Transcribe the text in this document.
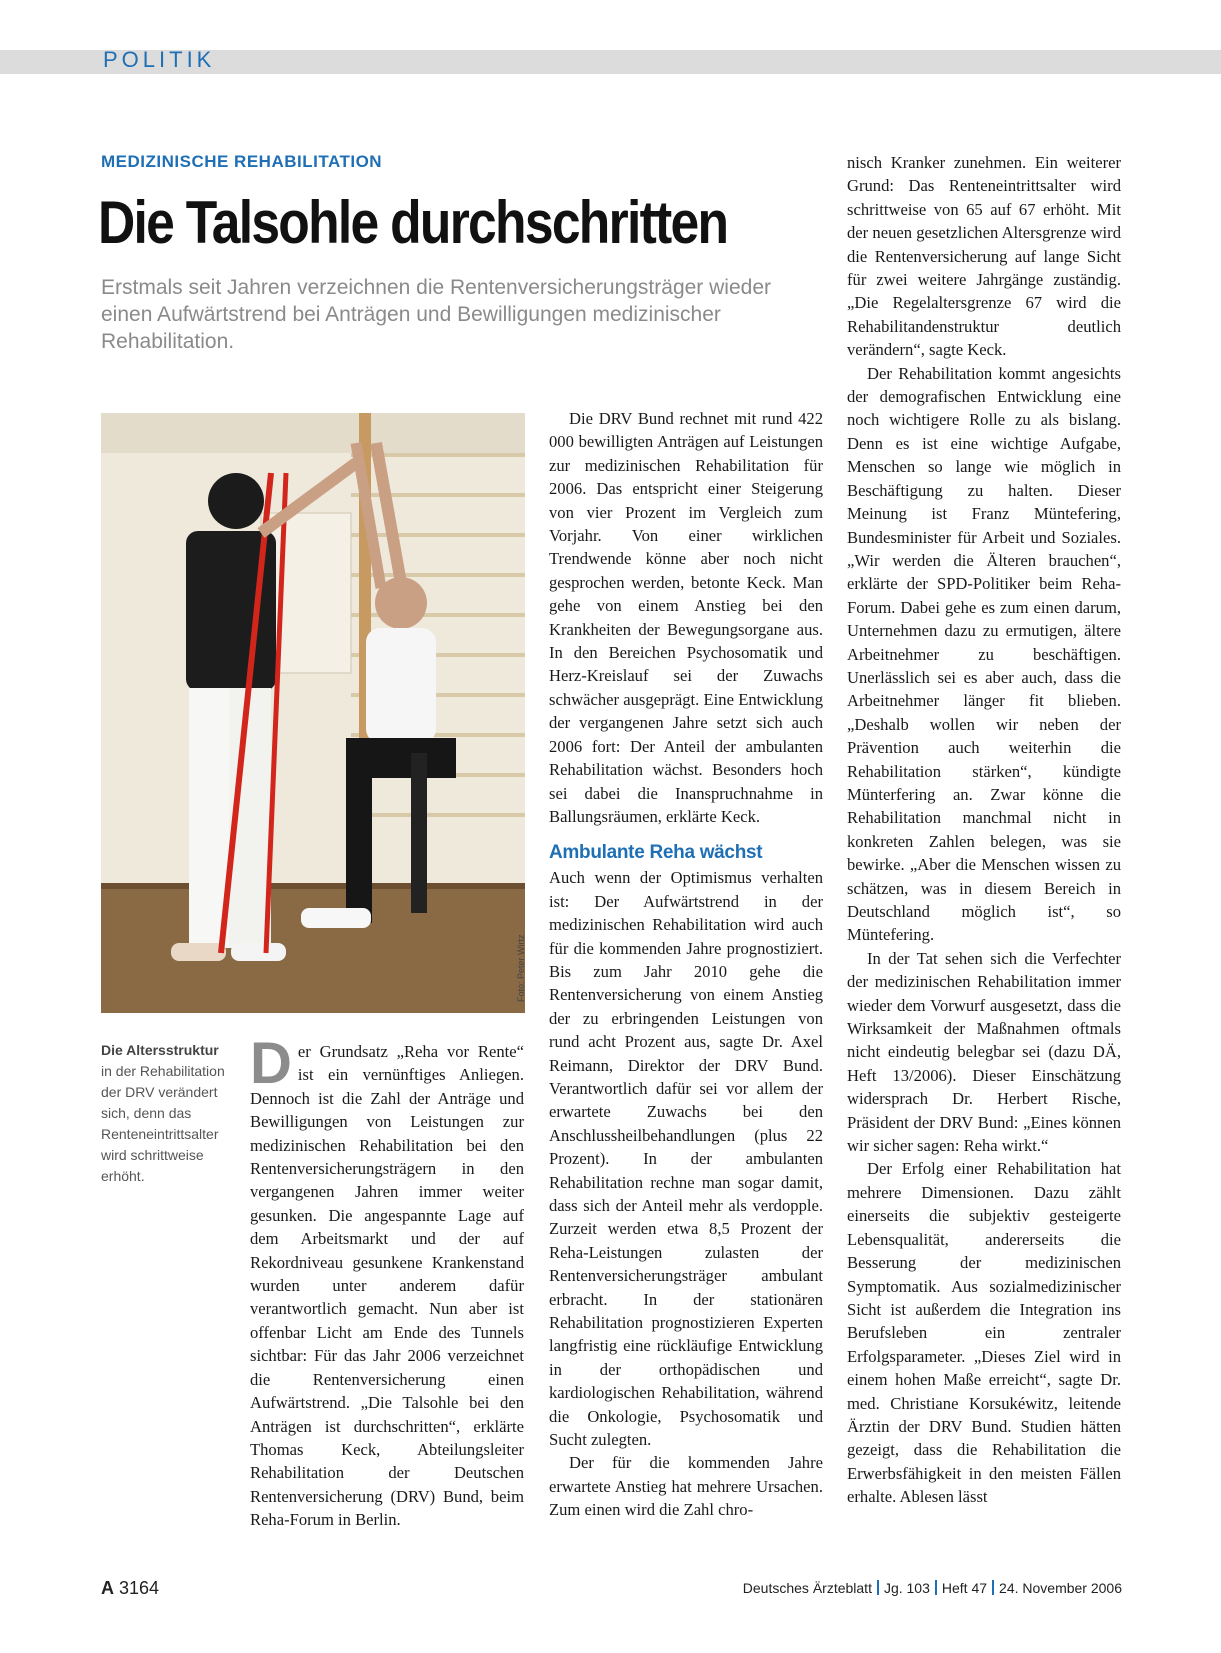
POLITIK
MEDIZINISCHE REHABILITATION
Die Talsohle durchschritten
Erstmals seit Jahren verzeichnen die Rentenversicherungsträger wieder einen Aufwärtstrend bei Anträgen und Bewilligungen medizinischer Rehabilitation.
Foto: Peter Wirtz
Die Altersstruktur in der Rehabilitation der DRV verändert sich, denn das Renteneintrittsalter wird schrittweise erhöht.

Der Grundsatz „Reha vor Rente“ ist ein vernünftiges Anliegen. Dennoch ist die Zahl der Anträge und Bewilligungen von Leistungen zur medizinischen Rehabilitation bei den Rentenversicherungsträgern in den vergangenen Jahren immer weiter gesunken. Die angespannte Lage auf dem Arbeitsmarkt und der auf Rekordniveau gesunkene Krankenstand wurden unter anderem dafür verantwortlich gemacht. Nun aber ist offenbar Licht am Ende des Tunnels sichtbar: Für das Jahr 2006 verzeichnet die Rentenversicherung einen Aufwärtstrend. „Die Talsohle bei den Anträgen ist durchschritten“, erklärte Thomas Keck, Abteilungsleiter Rehabilitation der Deutschen Rentenversicherung (DRV) Bund, beim Reha-Forum in Berlin.

Die DRV Bund rechnet mit rund 422 000 bewilligten Anträgen auf Leistungen zur medizinischen Rehabilitation für 2006. Das entspricht einer Steigerung von vier Prozent im Vergleich zum Vorjahr. Von einer wirklichen Trendwende könne aber noch nicht gesprochen werden, betonte Keck. Man gehe von einem Anstieg bei den Krankheiten der Bewegungsorgane aus. In den Bereichen Psychosomatik und Herz-Kreislauf sei der Zuwachs schwächer ausgeprägt. Eine Entwicklung der vergangenen Jahre setzt sich auch 2006 fort: Der Anteil der ambulanten Rehabilitation wächst. Besonders hoch sei dabei die Inanspruchnahme in Ballungsräumen, erklärte Keck.

Ambulante Reha wächst

Auch wenn der Optimismus verhalten ist: Der Aufwärtstrend in der medizinischen Rehabilitation wird auch für die kommenden Jahre prognostiziert. Bis zum Jahr 2010 gehe die Rentenversicherung von einem Anstieg der zu erbringenden Leistungen von rund acht Prozent aus, sagte Dr. Axel Reimann, Direktor der DRV Bund. Verantwortlich dafür sei vor allem der erwartete Zuwachs bei den Anschlussheilbehandlungen (plus 22 Prozent). In der ambulanten Rehabilitation rechne man sogar damit, dass sich der Anteil mehr als verdopple. Zurzeit werden etwa 8,5 Prozent der Reha-Leistungen zulasten der Rentenversicherungsträger ambulant erbracht. In der stationären Rehabilitation prognostizieren Experten langfristig eine rückläufige Entwicklung in der orthopädischen und kardiologischen Rehabilitation, während die Onkologie, Psychosomatik und Sucht zulegten.

Der für die kommenden Jahre erwartete Anstieg hat mehrere Ursachen. Zum einen wird die Zahl chro-

nisch Kranker zunehmen. Ein weiterer Grund: Das Renteneintrittsalter wird schrittweise von 65 auf 67 erhöht. Mit der neuen gesetzlichen Altersgrenze wird die Rentenversicherung auf lange Sicht für zwei weitere Jahrgänge zuständig. „Die Regelaltersgrenze 67 wird die Rehabilitandenstruktur deutlich verändern“, sagte Keck.

Der Rehabilitation kommt angesichts der demografischen Entwicklung eine noch wichtigere Rolle zu als bislang. Denn es ist eine wichtige Aufgabe, Menschen so lange wie möglich in Beschäftigung zu halten. Dieser Meinung ist Franz Müntefering, Bundesminister für Arbeit und Soziales. „Wir werden die Älteren brauchen“, erklärte der SPD-Politiker beim Reha-Forum. Dabei gehe es zum einen darum, Unternehmen dazu zu ermutigen, ältere Arbeitnehmer zu beschäftigen. Unerlässlich sei es aber auch, dass die Arbeitnehmer länger fit blieben. „Deshalb wollen wir neben der Prävention auch weiterhin die Rehabilitation stärken“, kündigte Münterfering an. Zwar könne die Rehabilitation manchmal nicht in konkreten Zahlen belegen, was sie bewirke. „Aber die Menschen wissen zu schätzen, was in diesem Bereich in Deutschland möglich ist“, so Müntefering.

In der Tat sehen sich die Verfechter der medizinischen Rehabilitation immer wieder dem Vorwurf ausgesetzt, dass die Wirksamkeit der Maßnahmen oftmals nicht eindeutig belegbar sei (dazu DÄ, Heft 13/2006). Dieser Einschätzung widersprach Dr. Herbert Rische, Präsident der DRV Bund: „Eines können wir sicher sagen: Reha wirkt.“

Der Erfolg einer Rehabilitation hat mehrere Dimensionen. Dazu zählt einerseits die subjektiv gesteigerte Lebensqualität, andererseits die Besserung der medizinischen Symptomatik. Aus sozialmedizinischer Sicht ist außerdem die Integration ins Berufsleben ein zentraler Erfolgsparameter. „Dieses Ziel wird in einem hohen Maße erreicht“, sagte Dr. med. Christiane Korsukéwitz, leitende Ärztin der DRV Bund. Studien hätten gezeigt, dass die Rehabilitation die Erwerbsfähigkeit in den meisten Fällen erhalte. Ablesen lässt

A 3164	Deutsches Ärzteblatt Jg. 103 Heft 47 24. November 2006
